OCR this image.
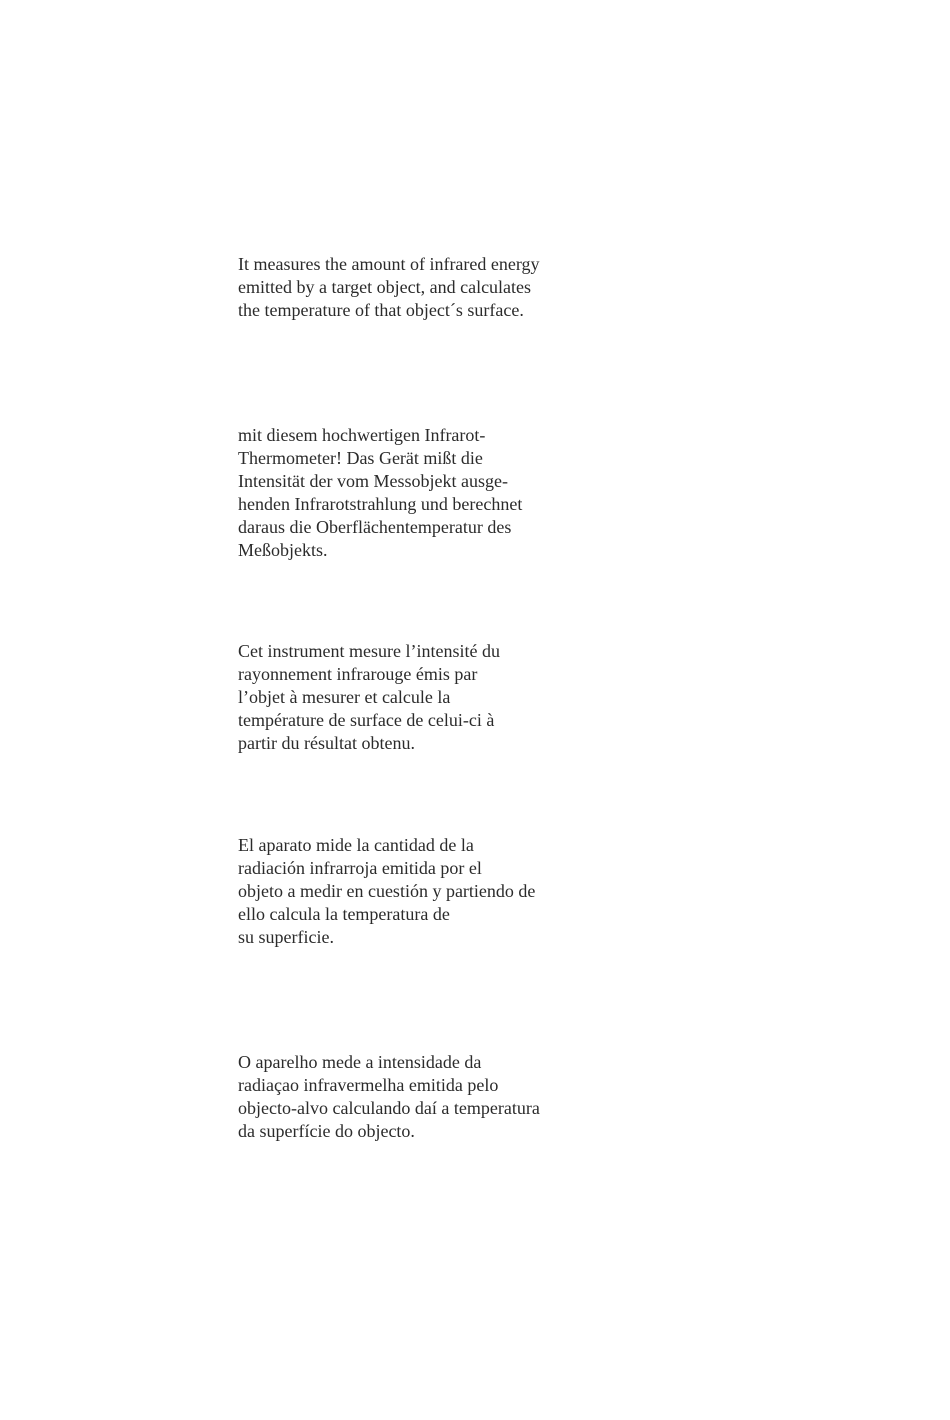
It measures the amount of infrared energy
emitted by a target object, and calculates
the temperature of that object´s surface.

mit diesem hochwertigen Infrarot-
Thermometer! Das Gerät mißt die
Intensität der vom Messobjekt ausge-
henden Infrarotstrahlung und berechnet
daraus die Oberflächentemperatur des
Meßobjekts.

Cet instrument mesure l’intensité du
rayonnement infrarouge émis par
l’objet à mesurer et calcule la
température de surface de celui-ci à
partir du résultat obtenu.

El aparato mide la cantidad de la
radiación infrarroja emitida por el
objeto a medir en cuestión y partiendo de
ello calcula la temperatura de
su superficie.

O aparelho mede a intensidade da
radiaçao infravermelha emitida pelo
objecto-alvo calculando daí a temperatura
da superfície do objecto.
